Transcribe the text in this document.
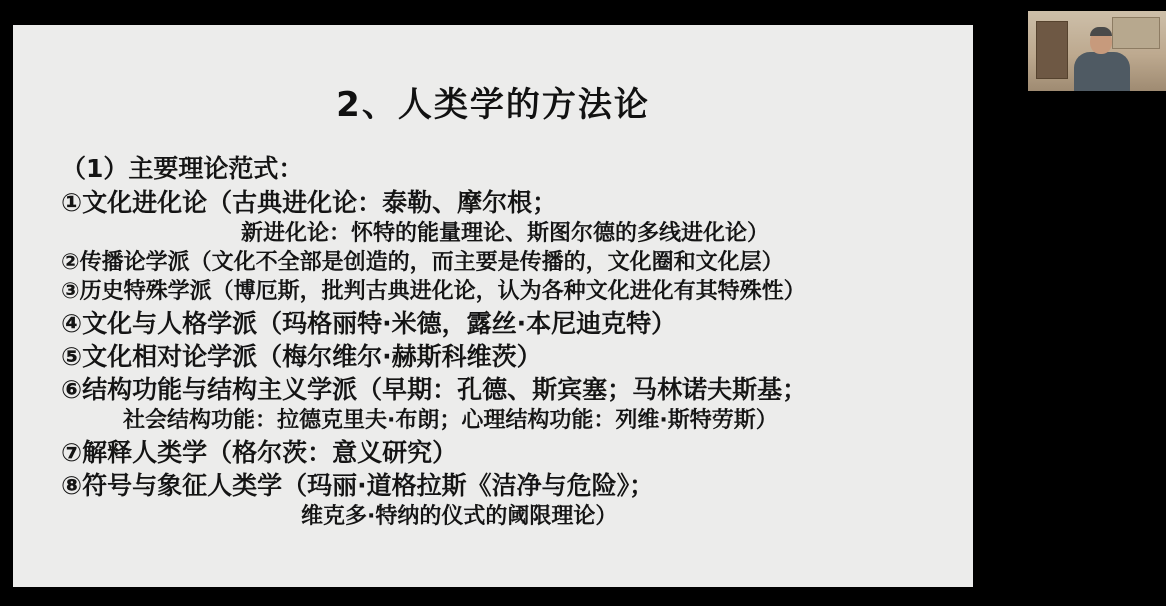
2、人类学的方法论
（1）主要理论范式：
①文化进化论（古典进化论：泰勒、摩尔根；
新进化论：怀特的能量理论、斯图尔德的多线进化论）
②传播论学派（文化不全部是创造的，而主要是传播的，文化圈和文化层）
③历史特殊学派（博厄斯，批判古典进化论，认为各种文化进化有其特殊性）
④文化与人格学派（玛格丽特·米德，露丝·本尼迪克特）
⑤文化相对论学派（梅尔维尔·赫斯科维茨）
⑥结构功能与结构主义学派（早期：孔德、斯宾塞；马林诺夫斯基；
社会结构功能：拉德克里夫·布朗；心理结构功能：列维·斯特劳斯）
⑦解释人类学（格尔茨：意义研究）
⑧符号与象征人类学（玛丽·道格拉斯《洁净与危险》；
维克多·特纳的仪式的阈限理论）
